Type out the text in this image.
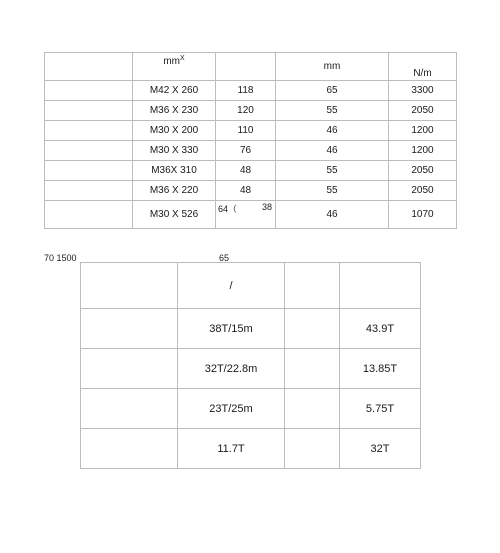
	$mm^X$		mm	N/m
	M42 X 260	118	65	3300
	M36 X 230	120	55	2050
	M30 X 200	110	46	1200
	M30 X 330	76	46	1200
	M36X 310	48	55	2050
	M36 X 220	48	55	2050
	M30 X 526	64（ 38	46	1070
70 1500	65
	/		
	38T/15m		43.9T
	32T/22.8m		13.85T
	23T/25m		5.75T
	11.7T		32T
